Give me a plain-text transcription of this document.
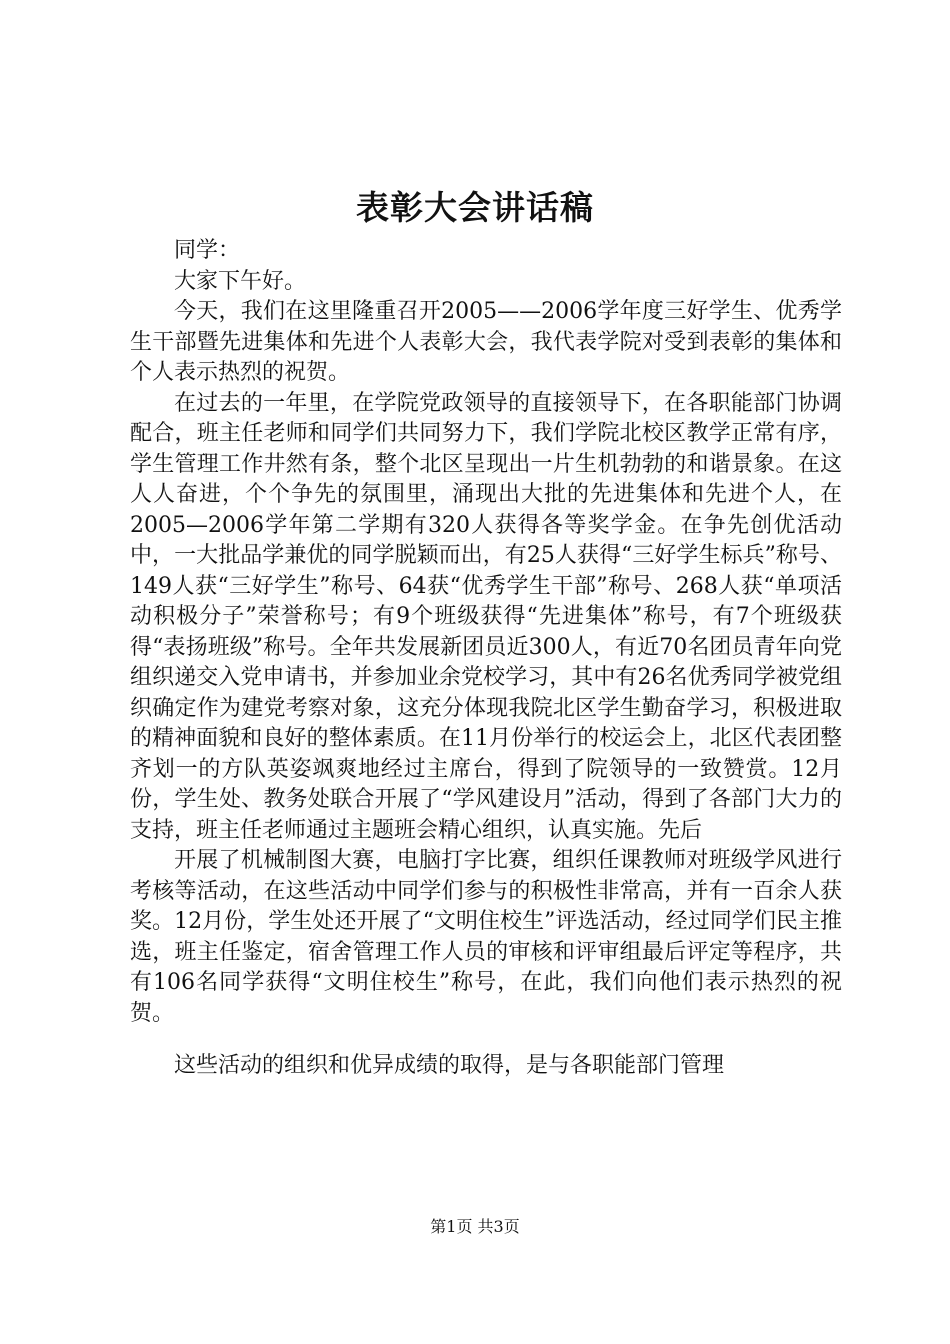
表彰大会讲话稿

同学：

大家下午好。

今天，我们在这里隆重召开2005——2006学年度三好学生、优秀学生干部暨先进集体和先进个人表彰大会，我代表学院对受到表彰的集体和个人表示热烈的祝贺。

在过去的一年里，在学院党政领导的直接领导下，在各职能部门协调配合，班主任老师和同学们共同努力下，我们学院北校区教学正常有序，学生管理工作井然有条，整个北区呈现出一片生机勃勃的和谐景象。在这人人奋进，个个争先的氛围里，涌现出大批的先进集体和先进个人，在2005—2006学年第二学期有320人获得各等奖学金。在争先创优活动中，一大批品学兼优的同学脱颖而出，有25人获得“三好学生标兵”称号、149人获“三好学生”称号、64获“优秀学生干部”称号、268人获“单项活动积极分子”荣誉称号；有9个班级获得“先进集体”称号，有7个班级获得“表扬班级”称号。全年共发展新团员近300人，有近70名团员青年向党组织递交入党申请书，并参加业余党校学习，其中有26名优秀同学被党组织确定作为建党考察对象，这充分体现我院北区学生勤奋学习，积极进取的精神面貌和良好的整体素质。在11月份举行的校运会上，北区代表团整齐划一的方队英姿飒爽地经过主席台，得到了院领导的一致赞赏。12月份，学生处、教务处联合开展了“学风建设月”活动，得到了各部门大力的支持，班主任老师通过主题班会精心组织，认真实施。先后

开展了机械制图大赛，电脑打字比赛，组织任课教师对班级学风进行考核等活动，在这些活动中同学们参与的积极性非常高，并有一百余人获奖。12月份，学生处还开展了“文明住校生”评选活动，经过同学们民主推选，班主任鉴定，宿舍管理工作人员的审核和评审组最后评定等程序，共有106名同学获得“文明住校生”称号，在此，我们向他们表示热烈的祝贺。

这些活动的组织和优异成绩的取得，是与各职能部门管理

第1页 共3页
